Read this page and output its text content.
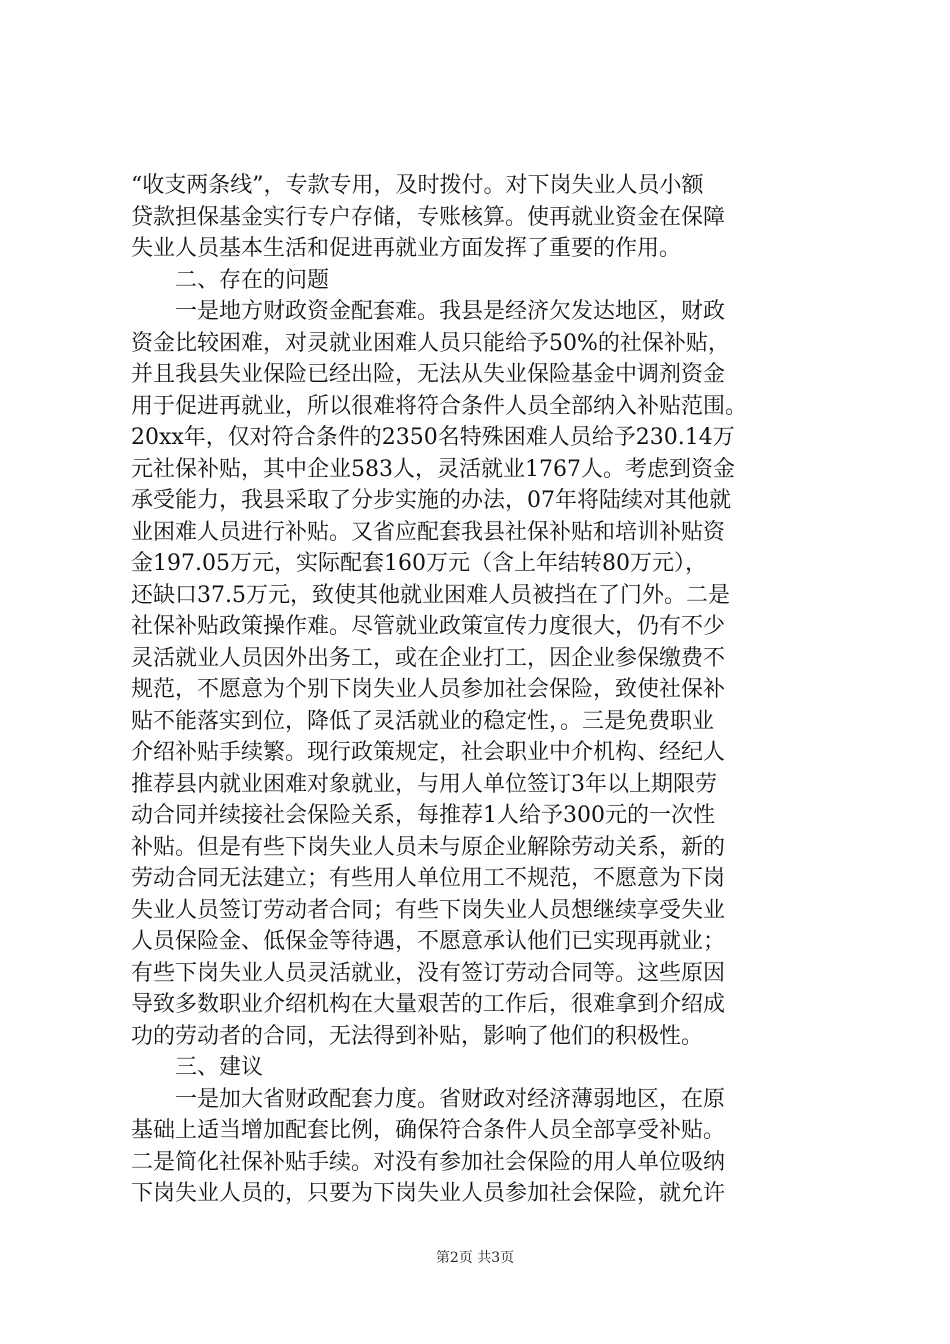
“收支两条线”，专款专用，及时拨付。对下岗失业人员小额
贷款担保基金实行专户存储，专账核算。使再就业资金在保障
失业人员基本生活和促进再就业方面发挥了重要的作用。
二、存在的问题
一是地方财政资金配套难。我县是经济欠发达地区，财政
资金比较困难，对灵就业困难人员只能给予50%的社保补贴，
并且我县失业保险已经出险，无法从失业保险基金中调剂资金
用于促进再就业，所以很难将符合条件人员全部纳入补贴范围。
20xx年，仅对符合条件的2350名特殊困难人员给予230.14万
元社保补贴，其中企业583人，灵活就业1767人。考虑到资金
承受能力，我县采取了分步实施的办法，07年将陆续对其他就
业困难人员进行补贴。又省应配套我县社保补贴和培训补贴资
金197.05万元，实际配套160万元（含上年结转80万元），
还缺口37.5万元，致使其他就业困难人员被挡在了门外。二是
社保补贴政策操作难。尽管就业政策宣传力度很大，仍有不少
灵活就业人员因外出务工，或在企业打工，因企业参保缴费不
规范，不愿意为个别下岗失业人员参加社会保险，致使社保补
贴不能落实到位，降低了灵活就业的稳定性，。三是免费职业
介绍补贴手续繁。现行政策规定，社会职业中介机构、经纪人
推荐县内就业困难对象就业，与用人单位签订3年以上期限劳
动合同并续接社会保险关系，每推荐1人给予300元的一次性
补贴。但是有些下岗失业人员未与原企业解除劳动关系，新的
劳动合同无法建立；有些用人单位用工不规范，不愿意为下岗
失业人员签订劳动者合同；有些下岗失业人员想继续享受失业
人员保险金、低保金等待遇，不愿意承认他们已实现再就业；
有些下岗失业人员灵活就业，没有签订劳动合同等。这些原因
导致多数职业介绍机构在大量艰苦的工作后，很难拿到介绍成
功的劳动者的合同，无法得到补贴，影响了他们的积极性。
三、建议
一是加大省财政配套力度。省财政对经济薄弱地区，在原
基础上适当增加配套比例，确保符合条件人员全部享受补贴。
二是简化社保补贴手续。对没有参加社会保险的用人单位吸纳
下岗失业人员的，只要为下岗失业人员参加社会保险，就允许
第2页 共3页
